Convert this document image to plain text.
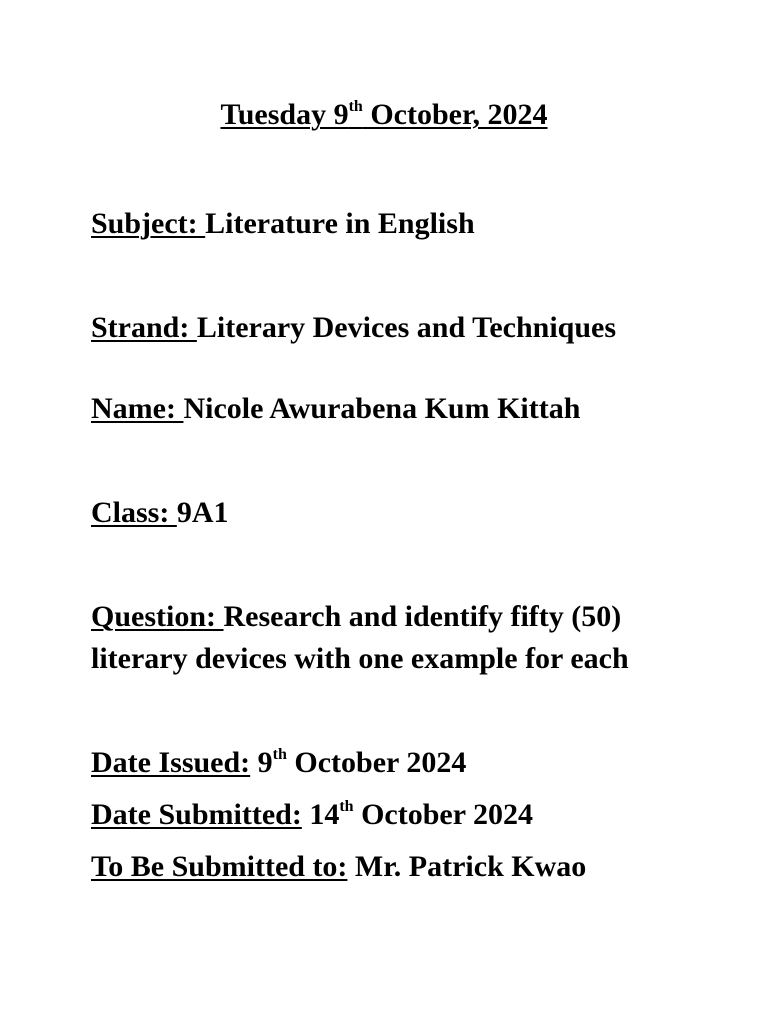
Tuesday 9th October, 2024
Subject: Literature in English
Strand: Literary Devices and Techniques
Name: Nicole Awurabena Kum Kittah
Class: 9A1
Question: Research and identify fifty (50)
literary devices with one example for each
Date Issued: 9th October 2024
Date Submitted: 14th October 2024
To Be Submitted to: Mr. Patrick Kwao
